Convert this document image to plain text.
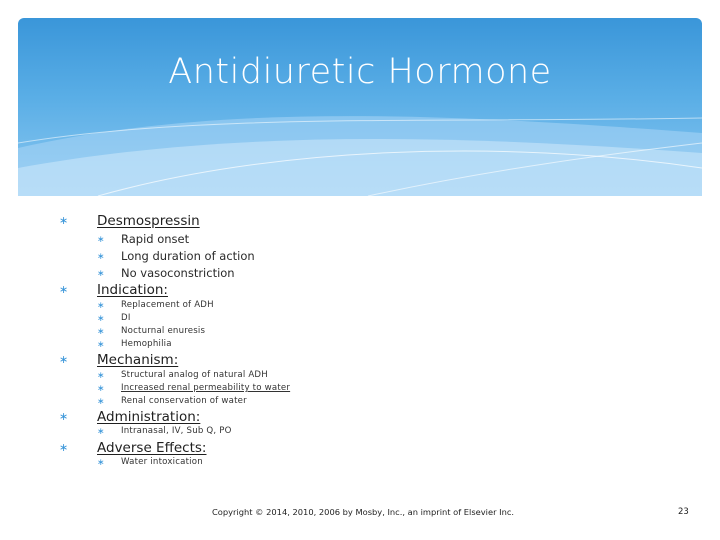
Antidiuretic Hormone
∗ Desmospressin
∗ Rapid onset
∗ Long duration of action
∗ No vasoconstriction
∗ Indication:
∗ Replacement of ADH
∗ DI
∗ Nocturnal enuresis
∗ Hemophilia
∗ Mechanism:
∗ Structural analog of natural ADH
∗ Increased renal permeability to water
∗ Renal conservation of water
∗ Administration:
∗ Intranasal, IV, Sub Q, PO
∗ Adverse Effects:
∗ Water intoxication
Copyright © 2014, 2010, 2006 by Mosby, Inc., an imprint of Elsevier Inc.	23
